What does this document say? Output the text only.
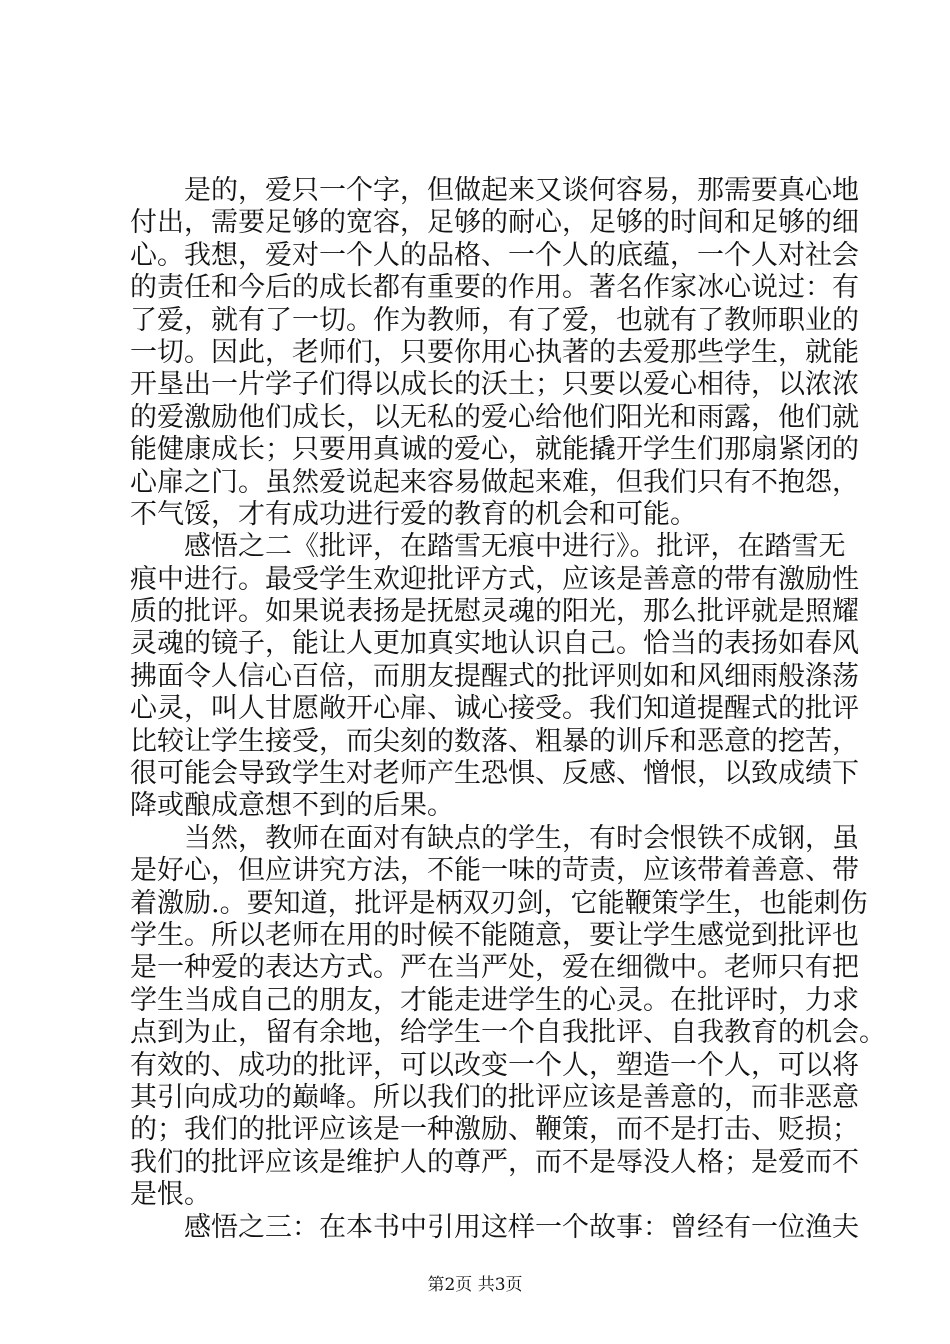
是的，爱只一个字，但做起来又谈何容易，那需要真心地
付出，需要足够的宽容，足够的耐心，足够的时间和足够的细
心。我想，爱对一个人的品格、一个人的底蕴，一个人对社会
的责任和今后的成长都有重要的作用。著名作家冰心说过：有
了爱，就有了一切。作为教师，有了爱，也就有了教师职业的
一切。因此，老师们，只要你用心执著的去爱那些学生，就能
开垦出一片学子们得以成长的沃土；只要以爱心相待，以浓浓
的爱激励他们成长，以无私的爱心给他们阳光和雨露，他们就
能健康成长；只要用真诚的爱心，就能撬开学生们那扇紧闭的
心扉之门。虽然爱说起来容易做起来难，但我们只有不抱怨，
不气馁，才有成功进行爱的教育的机会和可能。
感悟之二《批评，在踏雪无痕中进行》。批评，在踏雪无
痕中进行。最受学生欢迎批评方式，应该是善意的带有激励性
质的批评。如果说表扬是抚慰灵魂的阳光，那么批评就是照耀
灵魂的镜子，能让人更加真实地认识自己。恰当的表扬如春风
拂面令人信心百倍，而朋友提醒式的批评则如和风细雨般涤荡
心灵，叫人甘愿敞开心扉、诚心接受。我们知道提醒式的批评
比较让学生接受，而尖刻的数落、粗暴的训斥和恶意的挖苦，
很可能会导致学生对老师产生恐惧、反感、憎恨，以致成绩下
降或酿成意想不到的后果。
当然，教师在面对有缺点的学生，有时会恨铁不成钢，虽
是好心，但应讲究方法，不能一味的苛责，应该带着善意、带
着激励.。要知道，批评是柄双刃剑，它能鞭策学生，也能刺伤
学生。所以老师在用的时候不能随意，要让学生感觉到批评也
是一种爱的表达方式。严在当严处，爱在细微中。老师只有把
学生当成自己的朋友，才能走进学生的心灵。在批评时，力求
点到为止，留有余地，给学生一个自我批评、自我教育的机会。
有效的、成功的批评，可以改变一个人，塑造一个人，可以将
其引向成功的巅峰。所以我们的批评应该是善意的，而非恶意
的；我们的批评应该是一种激励、鞭策，而不是打击、贬损；
我们的批评应该是维护人的尊严，而不是辱没人格；是爱而不
是恨。
感悟之三：在本书中引用这样一个故事：曾经有一位渔夫
第2页 共3页
